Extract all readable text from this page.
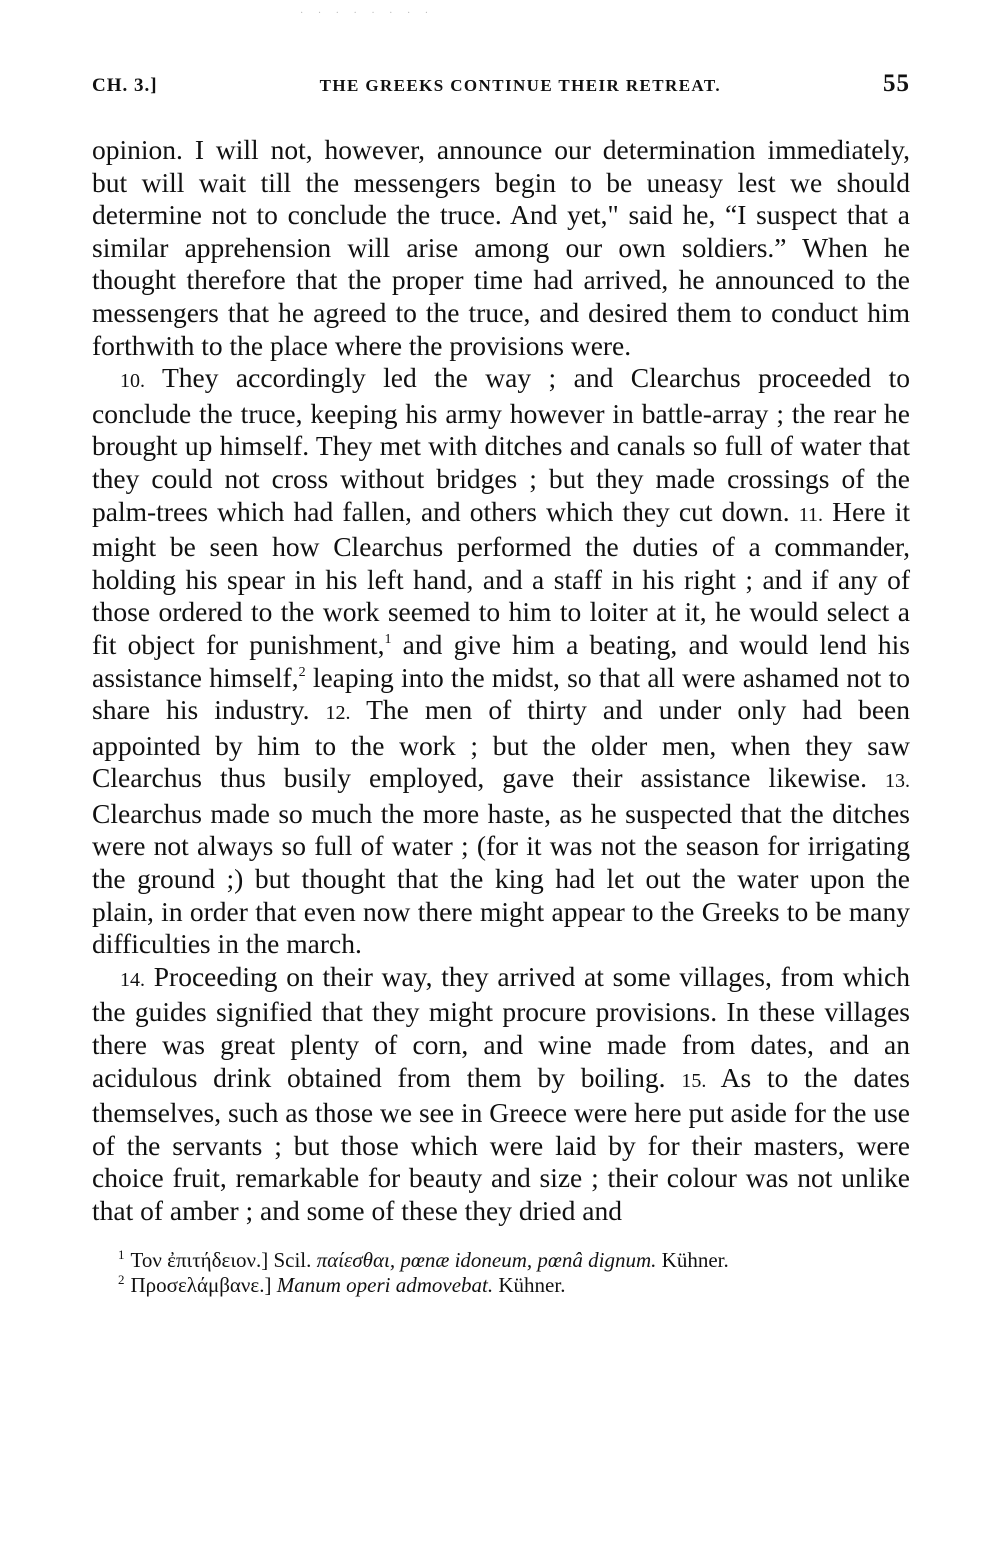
· · · · · · · ·
CH. 3.]	THE GREEKS CONTINUE THEIR RETREAT.	55

opinion. I will not, however, announce our determination immediately, but will wait till the messengers begin to be uneasy lest we should determine not to conclude the truce. And yet," said he, “I suspect that a similar apprehension will arise among our own soldiers.” When he thought therefore that the proper time had arrived, he announced to the messengers that he agreed to the truce, and desired them to conduct him forthwith to the place where the provisions were.

10. They accordingly led the way ; and Clearchus proceeded to conclude the truce, keeping his army however in battle-array ; the rear he brought up himself. They met with ditches and canals so full of water that they could not cross without bridges ; but they made crossings of the palm-trees which had fallen, and others which they cut down. 11. Here it might be seen how Clearchus performed the duties of a commander, holding his spear in his left hand, and a staff in his right ; and if any of those ordered to the work seemed to him to loiter at it, he would select a fit object for punishment,$^1$ and give him a beating, and would lend his assistance himself,$^2$ leaping into the midst, so that all were ashamed not to share his industry. 12. The men of thirty and under only had been appointed by him to the work ; but the older men, when they saw Clearchus thus busily employed, gave their assistance likewise. 13. Clearchus made so much the more haste, as he suspected that the ditches were not always so full of water ; (for it was not the season for irrigating the ground ;) but thought that the king had let out the water upon the plain, in order that even now there might appear to the Greeks to be many difficulties in the march.

14. Proceeding on their way, they arrived at some villages, from which the guides signified that they might procure provisions. In these villages there was great plenty of corn, and wine made from dates, and an acidulous drink obtained from them by boiling. 15. As to the dates themselves, such as those we see in Greece were here put aside for the use of the servants ; but those which were laid by for their masters, were choice fruit, remarkable for beauty and size ; their colour was not unlike that of amber ; and some of these they dried and

$^1$ Τον ἐπιτήδειον.] Scil. παίεσθαι, pœnæ idoneum, pœnâ dignum. Kühner.

$^2$ Προσελάμβανε.] Manum operi admovebat. Kühner.
